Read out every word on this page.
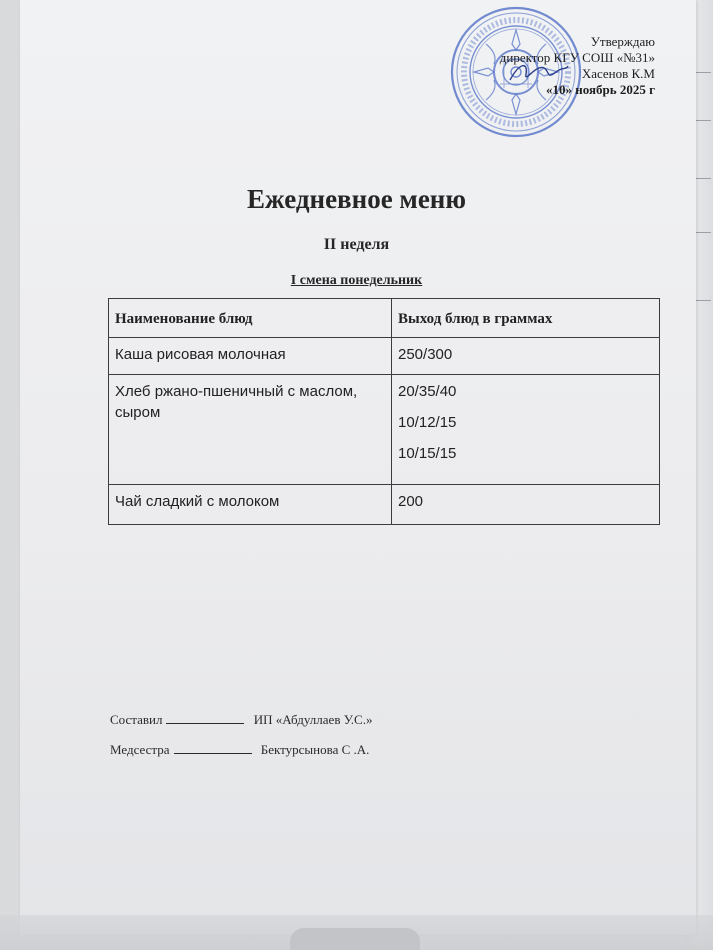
Утверждаю
директор КГУ СОШ «№31»
Хасенов К.М
«10» ноябрь 2025 г
Ежедневное меню
II неделя
I смена понедельник
Наименование блюд	Выход блюд в граммах
Каша рисовая молочная	250/300

Хлеб ржано-пшеничный с маслом, сыром	20/35/40
10/12/15
10/15/15

Чай сладкий с молоком	200
Составил	ИП «Абдуллаев У.С.»
Медсестра	Бектурсынова С .А.
